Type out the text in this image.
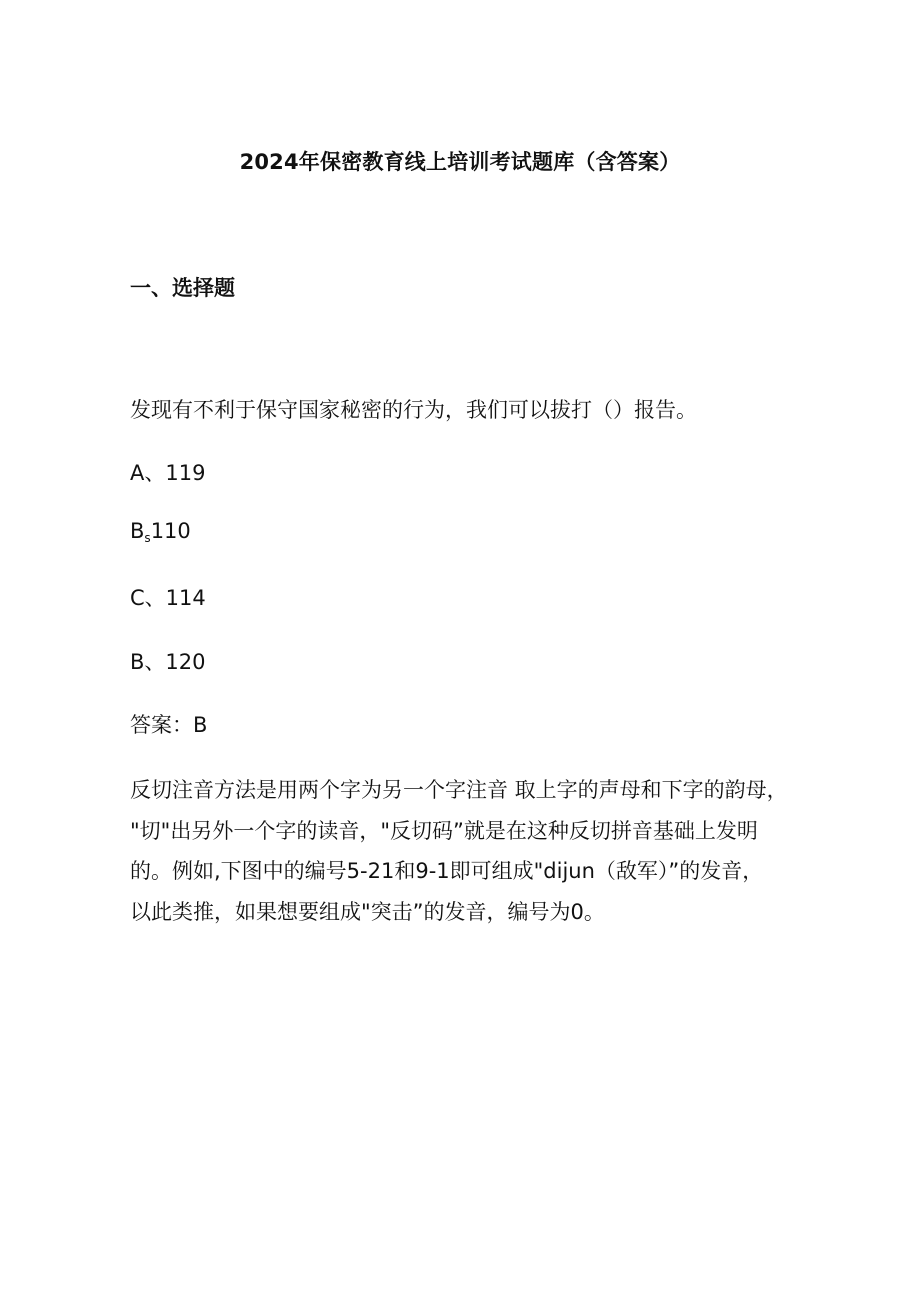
2024年保密教育线上培训考试题库（含答案）
一、选择题
发现有不利于保守国家秘密的行为，我们可以拔打（）报告。
A、119
Bs110
C、114
B、120
答案：B
反切注音方法是用两个字为另一个字注音 取上字的声母和下字的韵母，
"切"出另外一个字的读音，"反切码”就是在这种反切拼音基础上发明
的。例如,下图中的编号5-21和9-1即可组成"dijun（敌军）”的发音，
以此类推，如果想要组成"突击”的发音，编号为0。
